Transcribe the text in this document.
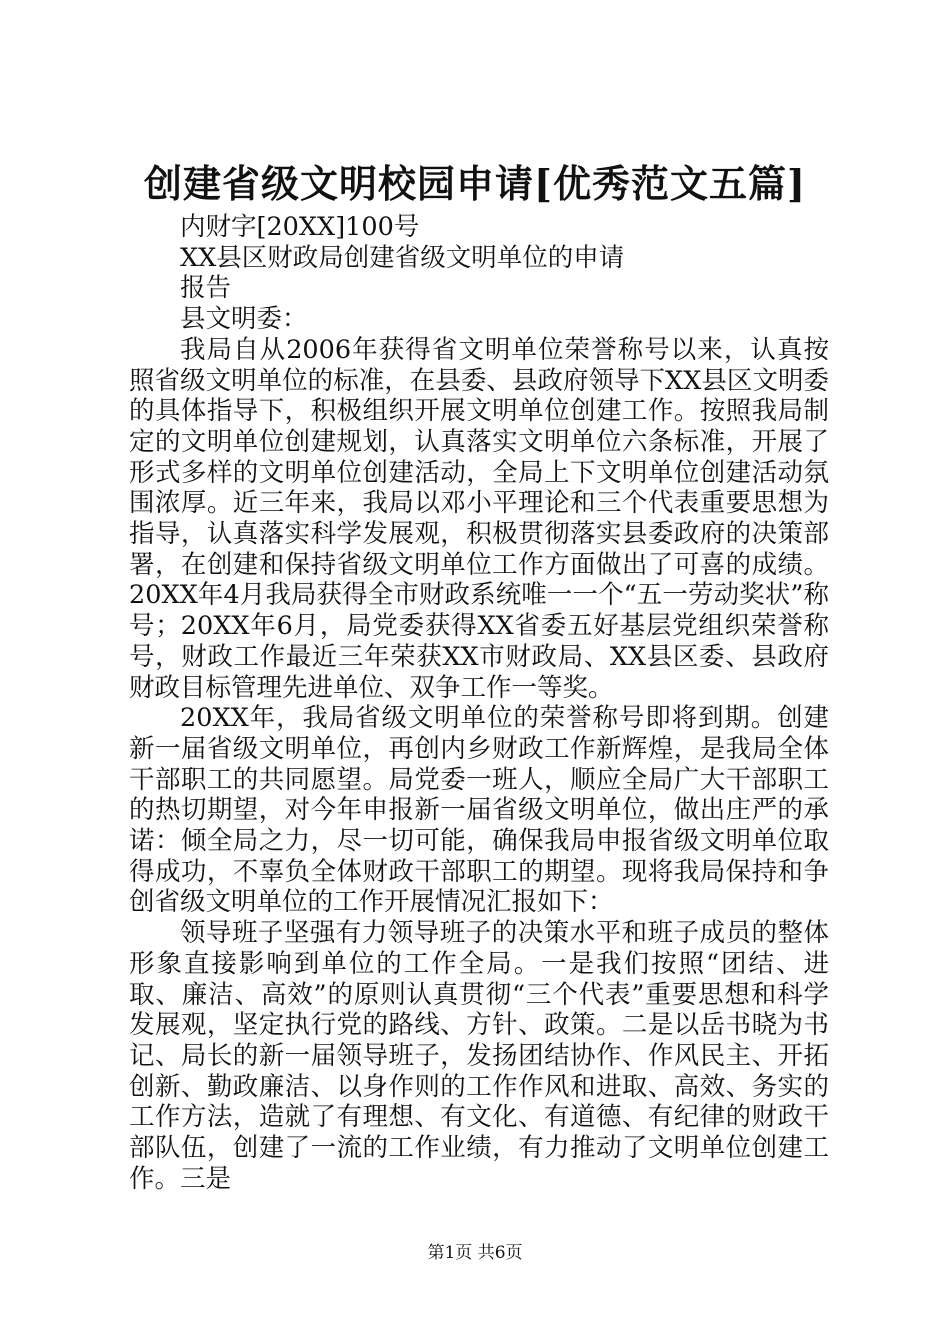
创建省级文明校园申请[优秀范文五篇]

内财字[20XX]100号

XX县区财政局创建省级文明单位的申请

报告

县文明委：

我局自从2006年获得省文明单位荣誉称号以来，认真按照省级文明单位的标准，在县委、县政府领导下XX县区文明委的具体指导下，积极组织开展文明单位创建工作。按照我局制定的文明单位创建规划，认真落实文明单位六条标准，开展了形式多样的文明单位创建活动，全局上下文明单位创建活动氛围浓厚。近三年来，我局以邓小平理论和三个代表重要思想为指导，认真落实科学发展观，积极贯彻落实县委政府的决策部署，在创建和保持省级文明单位工作方面做出了可喜的成绩。20XX年4月我局获得全市财政系统唯一一个“五一劳动奖状”称号；20XX年6月，局党委获得XX省委五好基层党组织荣誉称号，财政工作最近三年荣获XX市财政局、XX县区委、县政府财政目标管理先进单位、双争工作一等奖。

20XX年，我局省级文明单位的荣誉称号即将到期。创建新一届省级文明单位，再创内乡财政工作新辉煌，是我局全体干部职工的共同愿望。局党委一班人，顺应全局广大干部职工的热切期望，对今年申报新一届省级文明单位，做出庄严的承诺：倾全局之力，尽一切可能，确保我局申报省级文明单位取得成功，不辜负全体财政干部职工的期望。现将我局保持和争创省级文明单位的工作开展情况汇报如下：

领导班子坚强有力领导班子的决策水平和班子成员的整体形象直接影响到单位的工作全局。一是我们按照“团结、进取、廉洁、高效”的原则认真贯彻“三个代表”重要思想和科学发展观，坚定执行党的路线、方针、政策。二是以岳书晓为书记、局长的新一届领导班子，发扬团结协作、作风民主、开拓创新、勤政廉洁、以身作则的工作作风和进取、高效、务实的工作方法，造就了有理想、有文化、有道德、有纪律的财政干部队伍，创建了一流的工作业绩，有力推动了文明单位创建工作。三是

第1页 共6页
